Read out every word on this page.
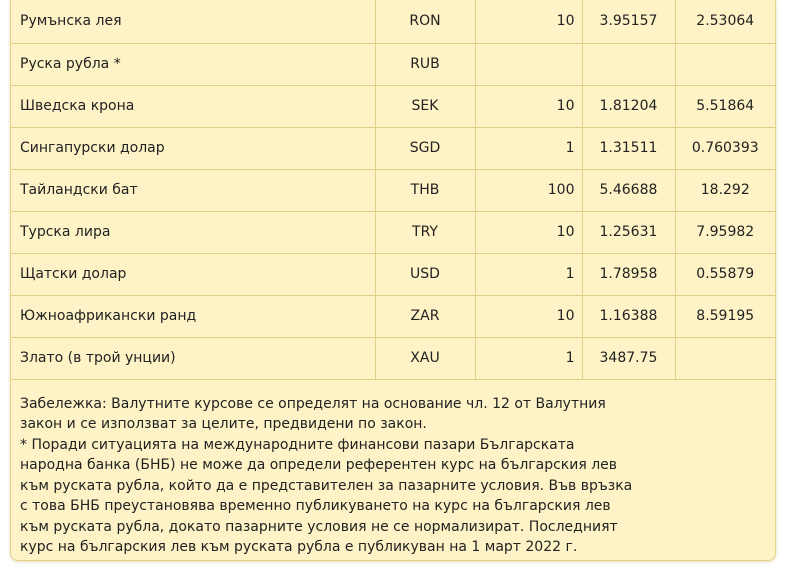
Румънска лея	RON	10	3.95157	2.53064
Руска рубла *	RUB			
Шведска крона	SEK	10	1.81204	5.51864
Сингапурски долар	SGD	1	1.31511	0.760393
Тайландски бат	THB	100	5.46688	18.292
Турска лира	TRY	10	1.25631	7.95982
Щатски долар	USD	1	1.78958	0.55879
Южноафрикански ранд	ZAR	10	1.16388	8.59195
Злато (в трой унции)	XAU	1	3487.75	

Забележка: Валутните курсове се определят на основание чл. 12 от Валутния закон и се използват за целите, предвидени по закон.

* Поради ситуацията на международните финансови пазари Българската народна банка (БНБ) не може да определи референтен курс на българския лев към руската рубла, който да е представителен за пазарните условия. Във връзка с това БНБ преустановява временно публикуването на курс на българския лев към руската рубла, докато пазарните условия не се нормализират. Последният курс на българския лев към руската рубла е публикуван на 1 март 2022 г.
